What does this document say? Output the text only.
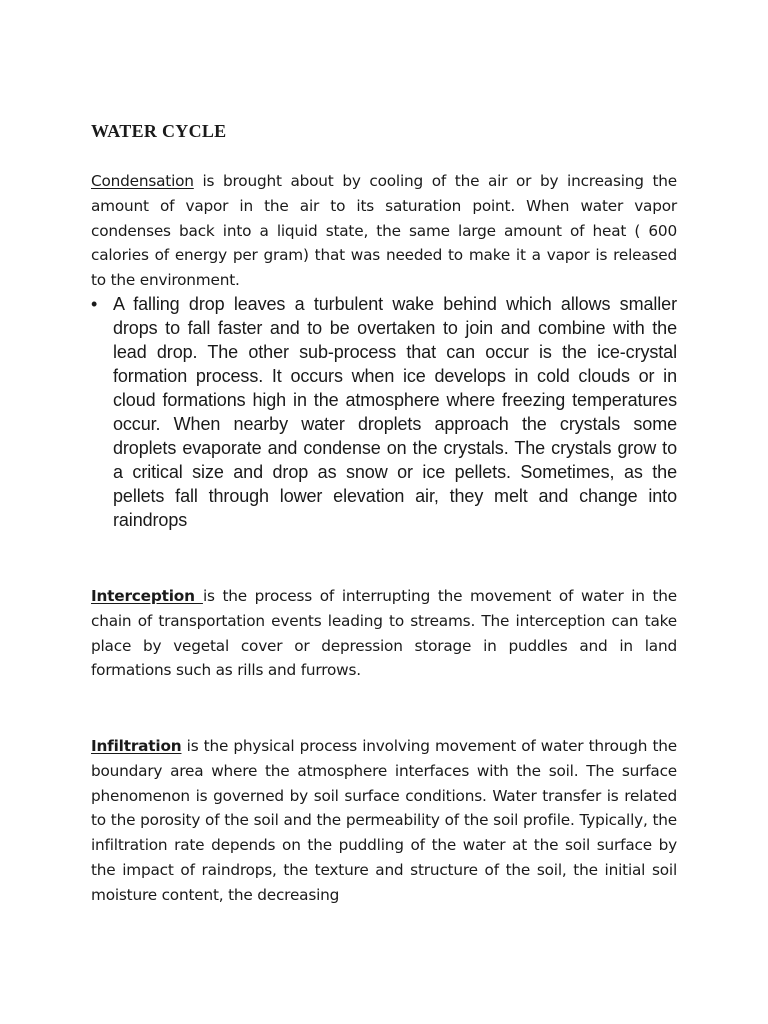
WATER CYCLE

Condensation is brought about by cooling of the air or by increasing the amount of vapor in the air to its saturation point. When water vapor condenses back into a liquid state, the same large amount of heat ( 600 calories of energy per gram) that was needed to make it a vapor is released to the environment.

• A falling drop leaves a turbulent wake behind which allows smaller drops to fall faster and to be overtaken to join and combine with the lead drop. The other sub-process that can occur is the ice-crystal formation process. It occurs when ice develops in cold clouds or in cloud formations high in the atmosphere where freezing temperatures occur. When nearby water droplets approach the crystals some droplets evaporate and condense on the crystals. The crystals grow to a critical size and drop as snow or ice pellets. Sometimes, as the pellets fall through lower elevation air, they melt and change into raindrops

Interception is the process of interrupting the movement of water in the chain of transportation events leading to streams. The interception can take place by vegetal cover or depression storage in puddles and in land formations such as rills and furrows.

Infiltration is the physical process involving movement of water through the boundary area where the atmosphere interfaces with the soil. The surface phenomenon is governed by soil surface conditions. Water transfer is related to the porosity of the soil and the permeability of the soil profile. Typically, the infiltration rate depends on the puddling of the water at the soil surface by the impact of raindrops, the texture and structure of the soil, the initial soil moisture content, the decreasing
